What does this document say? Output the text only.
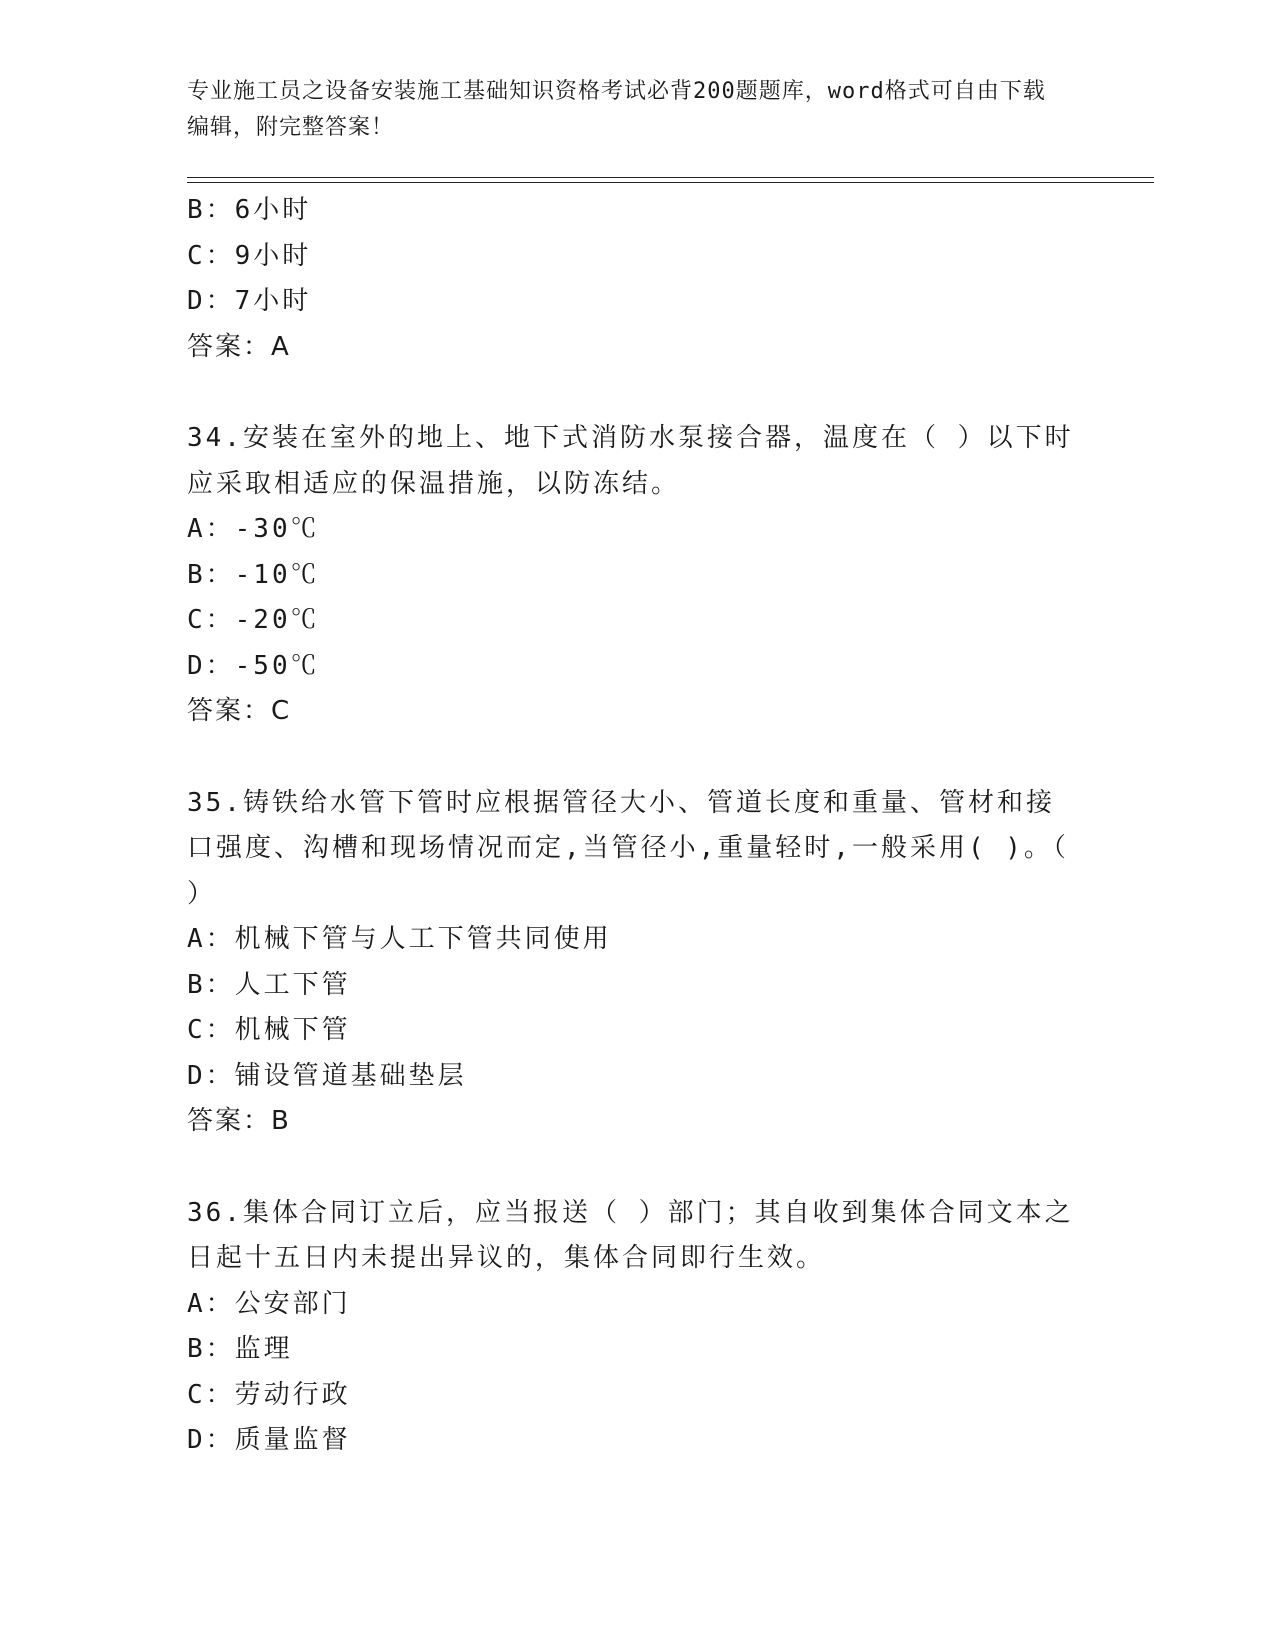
专业施工员之设备安装施工基础知识资格考试必背200题题库，word格式可自由下载编辑，附完整答案！
B：6小时
C：9小时
D：7小时
答案：A
34.安装在室外的地上、地下式消防水泵接合器，温度在（ ）以下时应采取相适应的保温措施，以防冻结。
A：-30℃
B：-10℃
C：-20℃
D：-50℃
答案：C
35.铸铁给水管下管时应根据管径大小、管道长度和重量、管材和接口强度、沟槽和现场情况而定,当管径小,重量轻时,一般采用( )。（ ）
A：机械下管与人工下管共同使用
B：人工下管
C：机械下管
D：铺设管道基础垫层
答案：B
36.集体合同订立后，应当报送（ ）部门；其自收到集体合同文本之日起十五日内未提出异议的，集体合同即行生效。
A：公安部门
B：监理
C：劳动行政
D：质量监督
